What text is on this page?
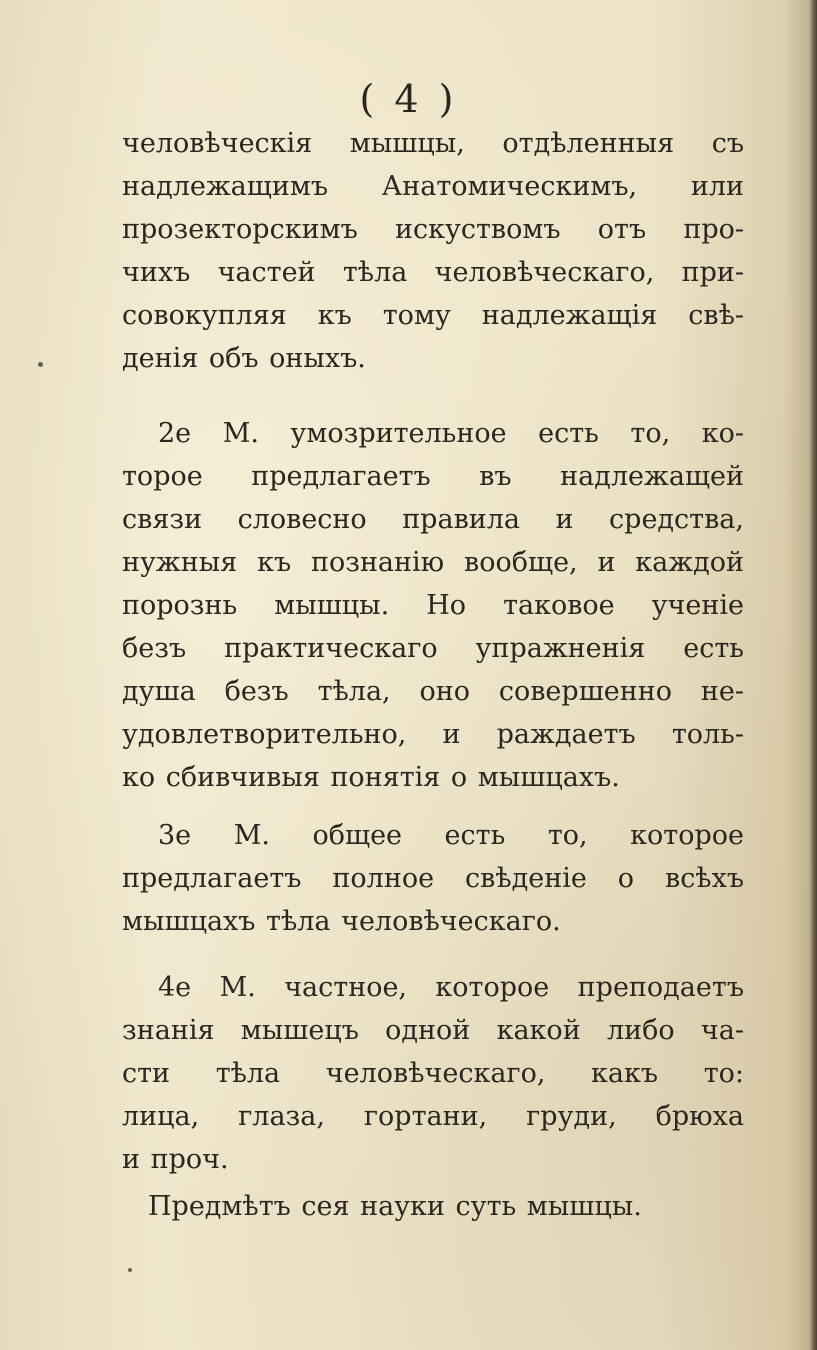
( 4 )
человѣческія мышцы, отдѣленныя съ
надлежащимъ Анатомическимъ, или
прозекторскимъ искуствомъ отъ про-
чихъ частей тѣла человѣческаго, при-
совокупляя къ тому надлежащія свѣ-
денія объ оныхъ.
2е М. умозрительное есть то, ко-
торое предлагаетъ въ надлежащей
связи словесно правила и средства,
нужныя къ познанію вообще, и каждой
порознь мышцы. Но таковое ученіе
безъ практическаго упражненія есть
душа безъ тѣла, оно совершенно не-
удовлетворительно, и раждаетъ толь-
ко сбивчивыя понятія о мышцахъ.
3е М. общее есть то, которое
предлагаетъ полное свѣденіе о всѣхъ
мышцахъ тѣла человѣческаго.
4е М. частное, которое преподаетъ
знанія мышецъ одной какой либо ча-
сти тѣла человѣческаго, какъ то:
лица, глаза, гортани, груди, брюха
и проч.
Предмѣтъ сея науки суть мышцы.
